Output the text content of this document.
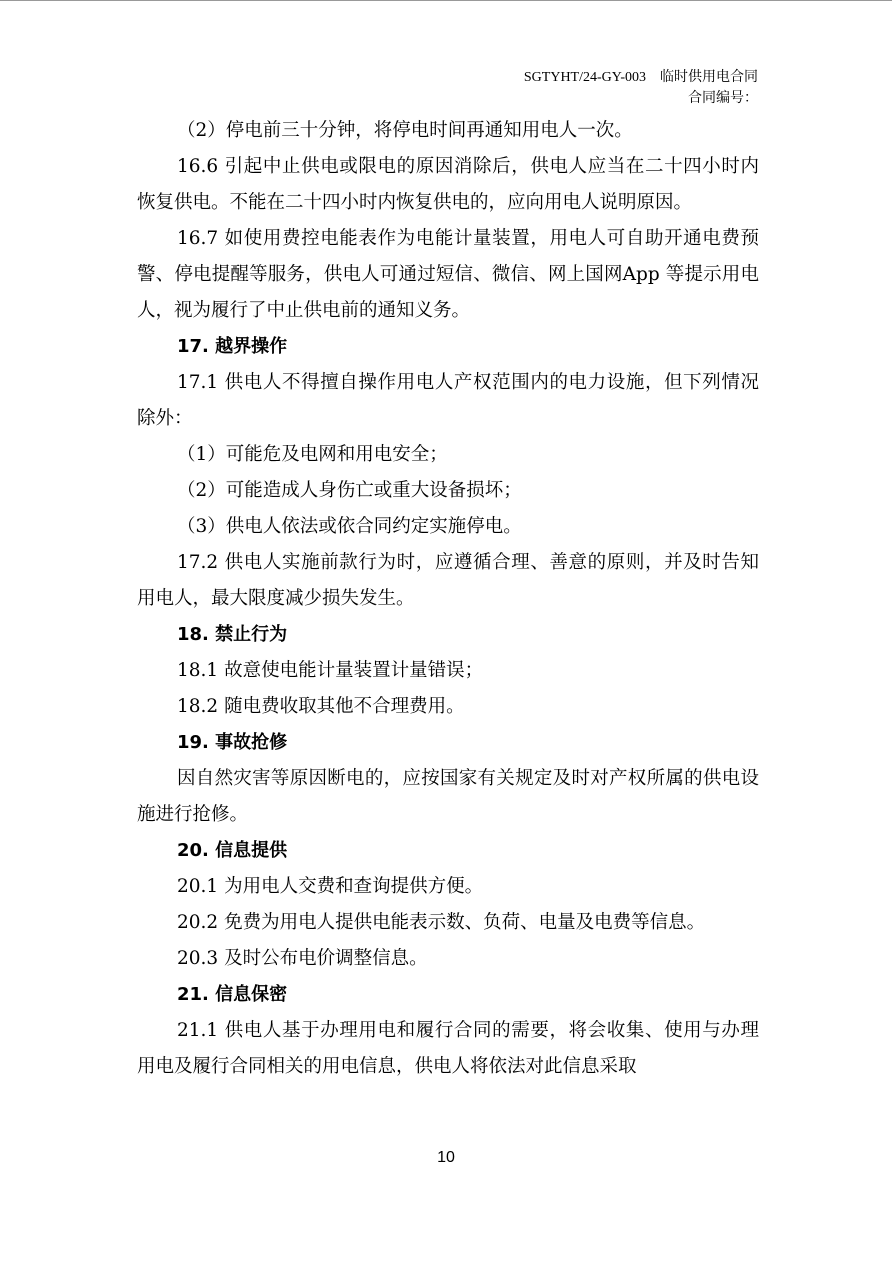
SGTYHT/24-GY-003 临时供用电合同
合同编号：

（2）停电前三十分钟，将停电时间再通知用电人一次。

16.6 引起中止供电或限电的原因消除后，供电人应当在二十四小时内恢复供电。不能在二十四小时内恢复供电的，应向用电人说明原因。

16.7 如使用费控电能表作为电能计量装置，用电人可自助开通电费预警、停电提醒等服务，供电人可通过短信、微信、网上国网App 等提示用电人，视为履行了中止供电前的通知义务。

17. 越界操作

17.1 供电人不得擅自操作用电人产权范围内的电力设施，但下列情况除外：

（1）可能危及电网和用电安全；

（2）可能造成人身伤亡或重大设备损坏；

（3）供电人依法或依合同约定实施停电。

17.2 供电人实施前款行为时，应遵循合理、善意的原则，并及时告知用电人，最大限度减少损失发生。

18. 禁止行为

18.1 故意使电能计量装置计量错误；

18.2 随电费收取其他不合理费用。

19. 事故抢修

因自然灾害等原因断电的，应按国家有关规定及时对产权所属的供电设施进行抢修。

20. 信息提供

20.1 为用电人交费和查询提供方便。

20.2 免费为用电人提供电能表示数、负荷、电量及电费等信息。

20.3 及时公布电价调整信息。

21. 信息保密

21.1 供电人基于办理用电和履行合同的需要，将会收集、使用与办理用电及履行合同相关的用电信息，供电人将依法对此信息采取

10
